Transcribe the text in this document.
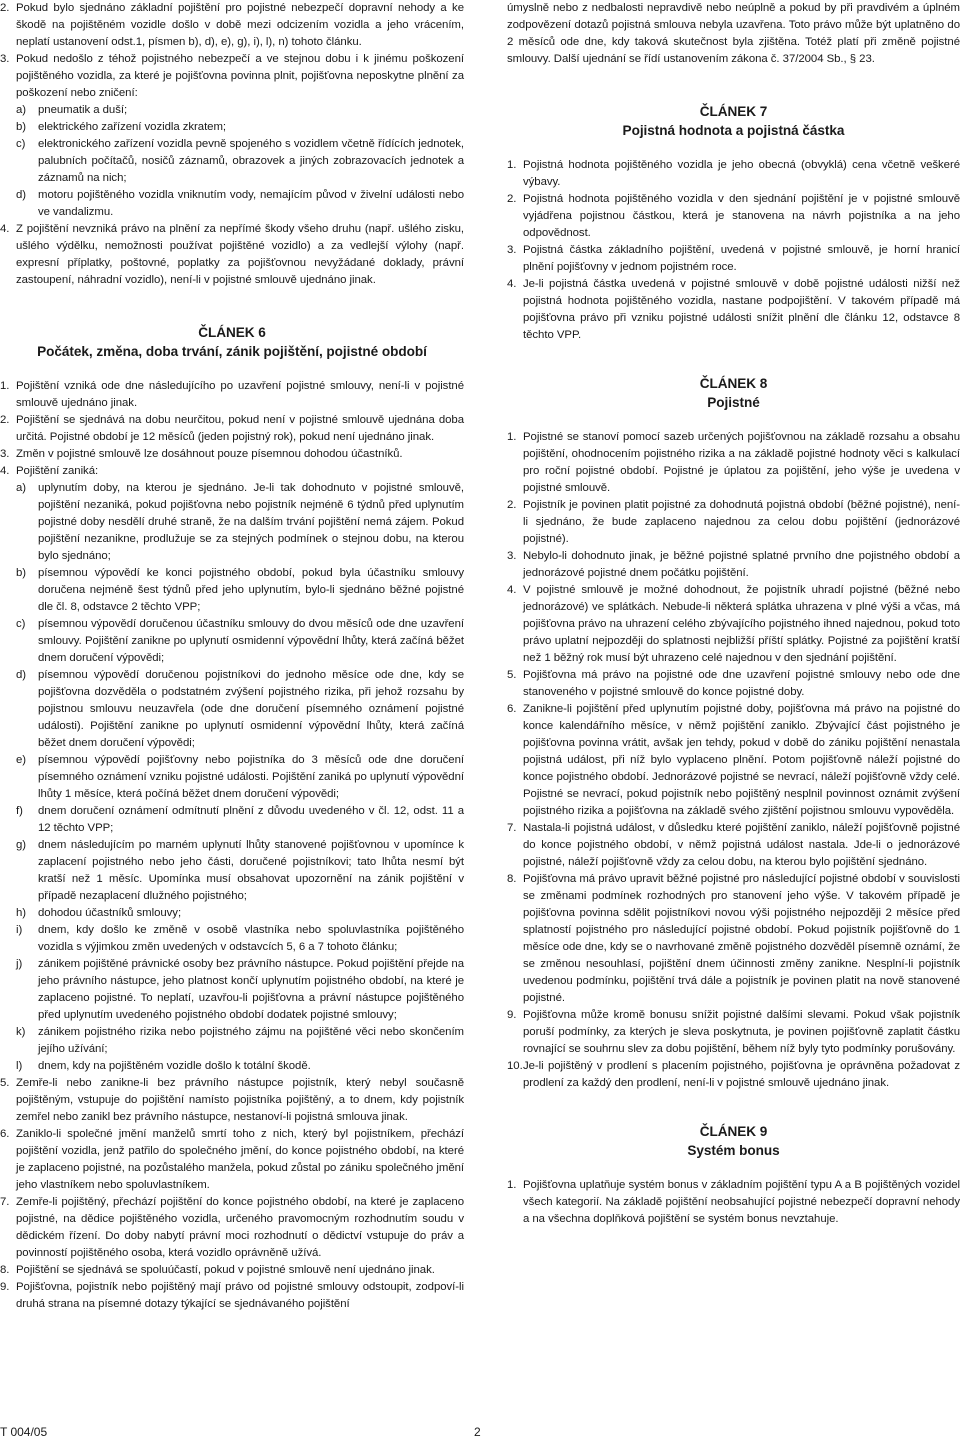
2. Pokud bylo sjednáno základní pojištění pro pojistné nebezpečí dopravní nehody a ke škodě na pojištěném vozidle došlo v době mezi odcizením vozidla a jeho vrácením, neplatí ustanovení odst.1, písmen b), d), e), g), i), l), n) tohoto článku.

3. Pokud nedošlo z téhož pojistného nebezpečí a ve stejnou dobu i k jinému poškození pojištěného vozidla, za které je pojišťovna povinna plnit, pojišťovna neposkytne plnění za poškození nebo zničení:

a) pneumatik a duší;

b) elektrického zařízení vozidla zkratem;

c) elektronického zařízení vozidla pevně spojeného s vozidlem včetně řídících jednotek, palubních počítačů, nosičů záznamů, obrazovek a jiných zobrazovacích jednotek a záznamů na nich;

d) motoru pojištěného vozidla vniknutím vody, nemajícím původ v živelní události nebo ve vandalizmu.

4. Z pojištění nevzniká právo na plnění za nepřímé škody všeho druhu (např. ušlého zisku, ušlého výdělku, nemožnosti používat pojištěné vozidlo) a za vedlejší výlohy (např. expresní příplatky, poštovné, poplatky za pojišťovnou nevyžádané doklady, právní zastoupení, náhradní vozidlo), není-li v pojistné smlouvě ujednáno jinak.

ČLÁNEK 6

Počátek, změna, doba trvání, zánik pojištění, pojistné období

1. Pojištění vzniká ode dne následujícího po uzavření pojistné smlouvy, není-li v pojistné smlouvě ujednáno jinak.

2. Pojištění se sjednává na dobu neurčitou, pokud není v pojistné smlouvě ujednána doba určitá. Pojistné období je 12 měsíců (jeden pojistný rok), pokud není ujednáno jinak.

3. Změn v pojistné smlouvě lze dosáhnout pouze písemnou dohodou účastníků.

4. Pojištění zaniká:

a) uplynutím doby, na kterou je sjednáno. Je-li tak dohodnuto v pojistné smlouvě, pojištění nezaniká, pokud pojišťovna nebo pojistník nejméně 6 týdnů před uplynutím pojistné doby nesdělí druhé straně, že na dalším trvání pojištění nemá zájem. Pokud pojištění nezanikne, prodlužuje se za stejných podmínek o stejnou dobu, na kterou bylo sjednáno;

b) písemnou výpovědí ke konci pojistného období, pokud byla účastníku smlouvy doručena nejméně šest týdnů před jeho uplynutím, bylo-li sjednáno běžné pojistné dle čl. 8, odstavce 2 těchto VPP;

c) písemnou výpovědí doručenou účastníku smlouvy do dvou měsíců ode dne uzavření smlouvy. Pojištění zanikne po uplynutí osmidenní výpovědní lhůty, která začíná běžet dnem doručení výpovědi;

d) písemnou výpovědí doručenou pojistníkovi do jednoho měsíce ode dne, kdy se pojišťovna dozvěděla o podstatném zvýšení pojistného rizika, při jehož rozsahu by pojistnou smlouvu neuzavřela (ode dne doručení písemného oznámení pojistné události). Pojištění zanikne po uplynutí osmidenní výpovědní lhůty, která začíná běžet dnem doručení výpovědi;

e) písemnou výpovědí pojišťovny nebo pojistníka do 3 měsíců ode dne doručení písemného oznámení vzniku pojistné události. Pojištění zaniká po uplynutí výpovědní lhůty 1 měsíce, která počíná běžet dnem doručení výpovědi;

f) dnem doručení oznámení odmítnutí plnění z důvodu uvedeného v čl. 12, odst. 11 a 12 těchto VPP;

g) dnem následujícím po marném uplynutí lhůty stanovené pojišťovnou v upomínce k zaplacení pojistného nebo jeho části, doručené pojistníkovi; tato lhůta nesmí být kratší než 1 měsíc. Upomínka musí obsahovat upozornění na zánik pojištění v případě nezaplacení dlužného pojistného;

h) dohodou účastníků smlouvy;

i) dnem, kdy došlo ke změně v osobě vlastníka nebo spoluvlastníka pojištěného vozidla s výjimkou změn uvedených v odstavcích 5, 6 a 7 tohoto článku;

j) zánikem pojištěné právnické osoby bez právního nástupce. Pokud pojištění přejde na jeho právního nástupce, jeho platnost končí uplynutím pojistného období, na které je zaplaceno pojistné. To neplatí, uzavřou-li pojišťovna a právní nástupce pojištěného před uplynutím uvedeného pojistného období dodatek pojistné smlouvy;

k) zánikem pojistného rizika nebo pojistného zájmu na pojištěné věci nebo skončením jejího užívání;

l) dnem, kdy na pojištěném vozidle došlo k totální škodě.

5. Zemře-li nebo zanikne-li bez právního nástupce pojistník, který nebyl současně pojištěným, vstupuje do pojištění namísto pojistníka pojištěný, a to dnem, kdy pojistník zemřel nebo zanikl bez právního nástupce, nestanoví-li pojistná smlouva jinak.

6. Zaniklo-li společné jmění manželů smrtí toho z nich, který byl pojistníkem, přechází pojištění vozidla, jenž patřilo do společného jmění, do konce pojistného období, na které je zaplaceno pojistné, na pozůstalého manžela, pokud zůstal po zániku společného jmění jeho vlastníkem nebo spoluvlastníkem.

7. Zemře-li pojištěný, přechází pojištění do konce pojistného období, na které je zaplaceno pojistné, na dědice pojištěného vozidla, určeného pravomocným rozhodnutím soudu v dědickém řízení. Do doby nabytí právní moci rozhodnutí o dědictví vstupuje do práv a povinností pojištěného osoba, která vozidlo oprávněně užívá.

8. Pojištění se sjednává se spoluúčastí, pokud v pojistné smlouvě není ujednáno jinak.

9. Pojišťovna, pojistník nebo pojištěný mají právo od pojistné smlouvy odstoupit, zodpoví-li druhá strana na písemné dotazy týkající se sjednávaného pojištění

úmyslně nebo z nedbalosti nepravdivě nebo neúplně a pokud by při pravdivém a úplném zodpovězení dotazů pojistná smlouva nebyla uzavřena. Toto právo může být uplatněno do 2 měsíců ode dne, kdy taková skutečnost byla zjištěna. Totéž platí při změně pojistné smlouvy. Další ujednání se řídí ustanovením zákona č. 37/2004 Sb., § 23.

ČLÁNEK 7

Pojistná hodnota a pojistná částka

1. Pojistná hodnota pojištěného vozidla je jeho obecná (obvyklá) cena včetně veškeré výbavy.

2. Pojistná hodnota pojištěného vozidla v den sjednání pojištění je v pojistné smlouvě vyjádřena pojistnou částkou, která je stanovena na návrh pojistníka a na jeho odpovědnost.

3. Pojistná částka základního pojištění, uvedená v pojistné smlouvě, je horní hranicí plnění pojišťovny v jednom pojistném roce.

4. Je-li pojistná částka uvedená v pojistné smlouvě v době pojistné události nižší než pojistná hodnota pojištěného vozidla, nastane podpojištění. V takovém případě má pojišťovna právo při vzniku pojistné události snížit plnění dle článku 12, odstavce 8 těchto VPP.

ČLÁNEK 8

Pojistné

1. Pojistné se stanoví pomocí sazeb určených pojišťovnou na základě rozsahu a obsahu pojištění, ohodnocením pojistného rizika a na základě pojistné hodnoty věci s kalkulací pro roční pojistné období. Pojistné je úplatou za pojištění, jeho výše je uvedena v pojistné smlouvě.

2. Pojistník je povinen platit pojistné za dohodnutá pojistná období (běžné pojistné), není-li sjednáno, že bude zaplaceno najednou za celou dobu pojištění (jednorázové pojistné).

3. Nebylo-li dohodnuto jinak, je běžné pojistné splatné prvního dne pojistného období a jednorázové pojistné dnem počátku pojištění.

4. V pojistné smlouvě je možné dohodnout, že pojistník uhradí pojistné (běžné nebo jednorázové) ve splátkách. Nebude-li některá splátka uhrazena v plné výši a včas, má pojišťovna právo na uhrazení celého zbývajícího pojistného ihned najednou, pokud toto právo uplatní nejpozději do splatnosti nejbližší příští splátky. Pojistné za pojištění kratší než 1 běžný rok musí být uhrazeno celé najednou v den sjednání pojištění.

5. Pojišťovna má právo na pojistné ode dne uzavření pojistné smlouvy nebo ode dne stanoveného v pojistné smlouvě do konce pojistné doby.

6. Zanikne-li pojištění před uplynutím pojistné doby, pojišťovna má právo na pojistné do konce kalendářního měsíce, v němž pojištění zaniklo. Zbývající část pojistného je pojišťovna povinna vrátit, avšak jen tehdy, pokud v době do zániku pojištění nenastala pojistná událost, při níž bylo vyplaceno plnění. Potom pojišťovně náleží pojistné do konce pojistného období. Jednorázové pojistné se nevrací, náleží pojišťovně vždy celé. Pojistné se nevrací, pokud pojistník nebo pojištěný nesplnil povinnost oznámit zvýšení pojistného rizika a pojišťovna na základě svého zjištění pojistnou smlouvu vypověděla.

7. Nastala-li pojistná událost, v důsledku které pojištění zaniklo, náleží pojišťovně pojistné do konce pojistného období, v němž pojistná událost nastala. Jde-li o jednorázové pojistné, náleží pojišťovně vždy za celou dobu, na kterou bylo pojištění sjednáno.

8. Pojišťovna má právo upravit běžné pojistné pro následující pojistné období v souvislosti se změnami podmínek rozhodných pro stanovení jeho výše. V takovém případě je pojišťovna povinna sdělit pojistníkovi novou výši pojistného nejpozději 2 měsíce před splatností pojistného pro následující pojistné období. Pokud pojistník pojišťovně do 1 měsíce ode dne, kdy se o navrhované změně pojistného dozvěděl písemně oznámí, že se změnou nesouhlasí, pojištění dnem účinnosti změny zanikne. Nesplní-li pojistník uvedenou podmínku, pojištění trvá dále a pojistník je povinen platit na nově stanovené pojistné.

9. Pojišťovna může kromě bonusu snížit pojistné dalšími slevami. Pokud však pojistník poruší podmínky, za kterých je sleva poskytnuta, je povinen pojišťovně zaplatit částku rovnající se souhrnu slev za dobu pojištění, během níž byly tyto podmínky porušovány.

10. Je-li pojištěný v prodlení s placením pojistného, pojišťovna je oprávněna požadovat z prodlení za každý den prodlení, není-li v pojistné smlouvě ujednáno jinak.

ČLÁNEK 9

Systém bonus

1. Pojišťovna uplatňuje systém bonus v základním pojištění typu A a B pojištěných vozidel všech kategorií. Na základě pojištění neobsahující pojistné nebezpečí dopravní nehody a na všechna doplňková pojištění se systém bonus nevztahuje.

T 004/05	2
